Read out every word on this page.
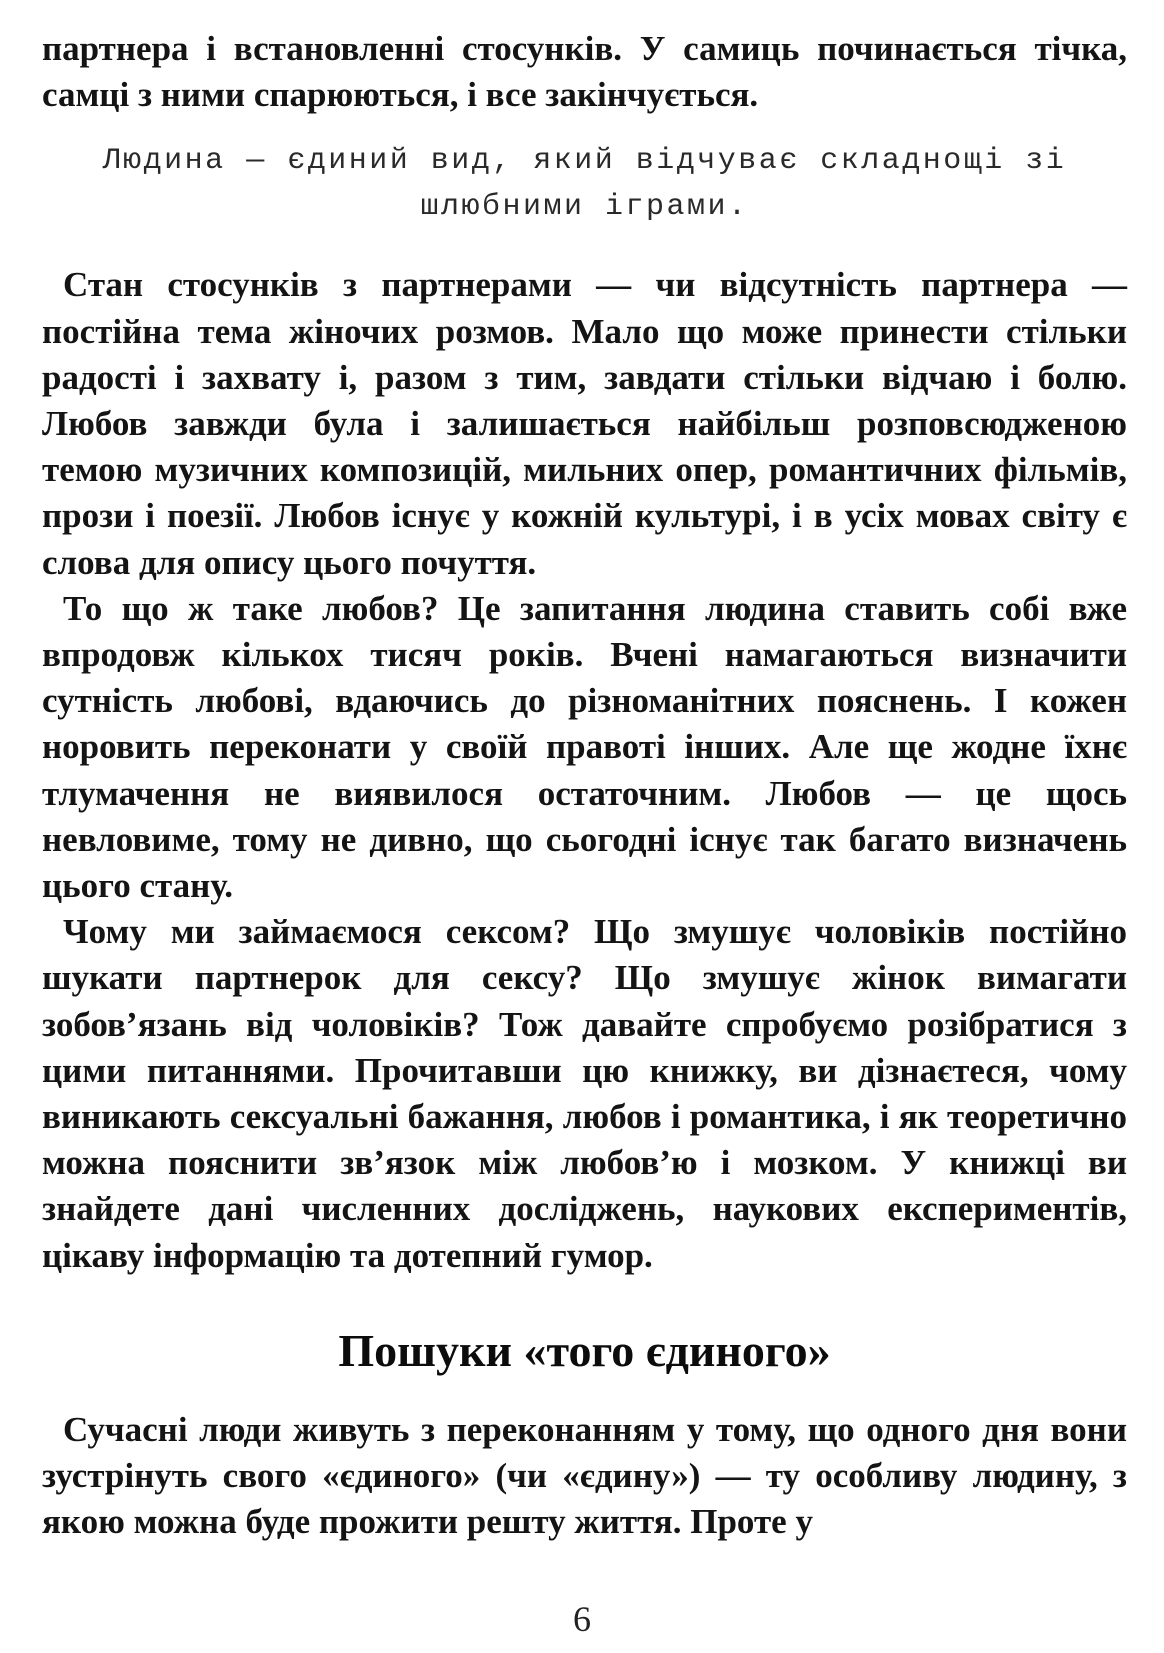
партнера і встановленні стосунків. У самиць починається тічка, самці з ними спарюються, і все закінчується.

Людина — єдиний вид, який відчуває складнощі зі шлюбними іграми.

Стан стосунків з партнерами — чи відсутність партнера — постійна тема жіночих розмов. Мало що може принести стільки радості і захвату і, разом з тим, завдати стільки відчаю і болю. Любов завжди була і залишається найбільш розповсюдженою темою музичних композицій, мильних опер, романтичних фільмів, прози і поезії. Любов існує у кожній культурі, і в усіх мовах світу є слова для опису цього почуття.

То що ж таке любов? Це запитання людина ставить собі вже впродовж кількох тисяч років. Вчені намагаються визначити сутність любові, вдаючись до різноманітних пояснень. І кожен норовить переконати у своїй правоті інших. Але ще жодне їхнє тлумачення не виявилося остаточним. Любов — це щось невловиме, тому не дивно, що сьогодні існує так багато визначень цього стану.

Чому ми займаємося сексом? Що змушує чоловіків постійно шукати партнерок для сексу? Що змушує жінок вимагати зобов’язань від чоловіків? Тож давайте спробуємо розібратися з цими питаннями. Прочитавши цю книжку, ви дізнаєтеся, чому виникають сексуальні бажання, любов і романтика, і як теоретично можна пояснити зв’язок між любов’ю і мозком. У книжці ви знайдете дані численних досліджень, наукових експериментів, цікаву інформацію та дотепний гумор.

Пошуки «того єдиного»

Сучасні люди живуть з переконанням у тому, що одного дня вони зустрінуть свого «єдиного» (чи «єдину») — ту особливу людину, з якою можна буде прожити решту життя. Проте у

6
